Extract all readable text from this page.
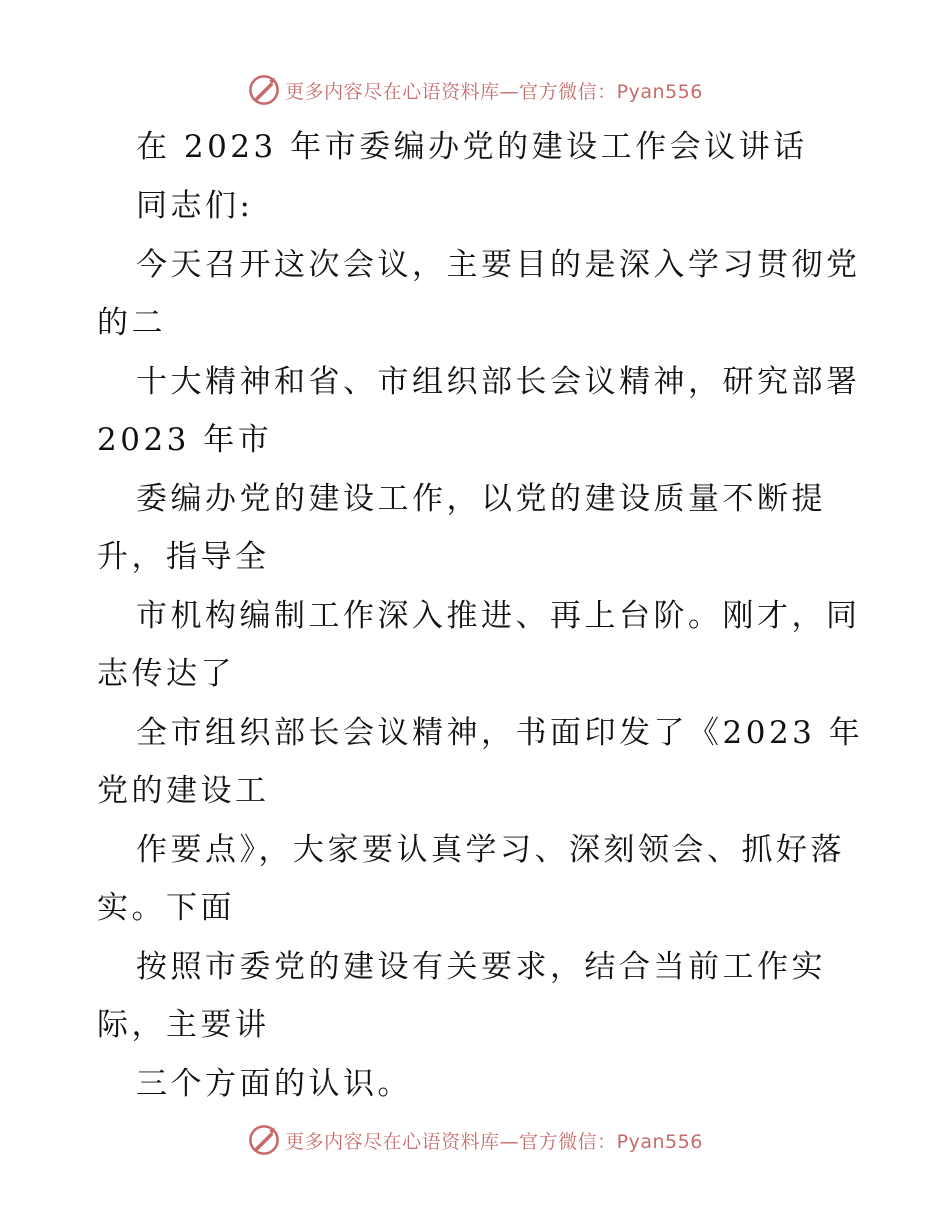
更多内容尽在心语资料库—官方微信：Pyan556
在 2023 年市委编办党的建设工作会议讲话
同志们:
今天召开这次会议，主要目的是深入学习贯彻党
的二
十大精神和省、市组织部长会议精神，研究部署
2023 年市
委编办党的建设工作，以党的建设质量不断提
升，指导全
市机构编制工作深入推进、再上台阶。刚才，同
志传达了
全市组织部长会议精神，书面印发了《2023 年
党的建设工
作要点》，大家要认真学习、深刻领会、抓好落
实。下面
按照市委党的建设有关要求，结合当前工作实
际，主要讲
三个方面的认识。
更多内容尽在心语资料库—官方微信：Pyan556
